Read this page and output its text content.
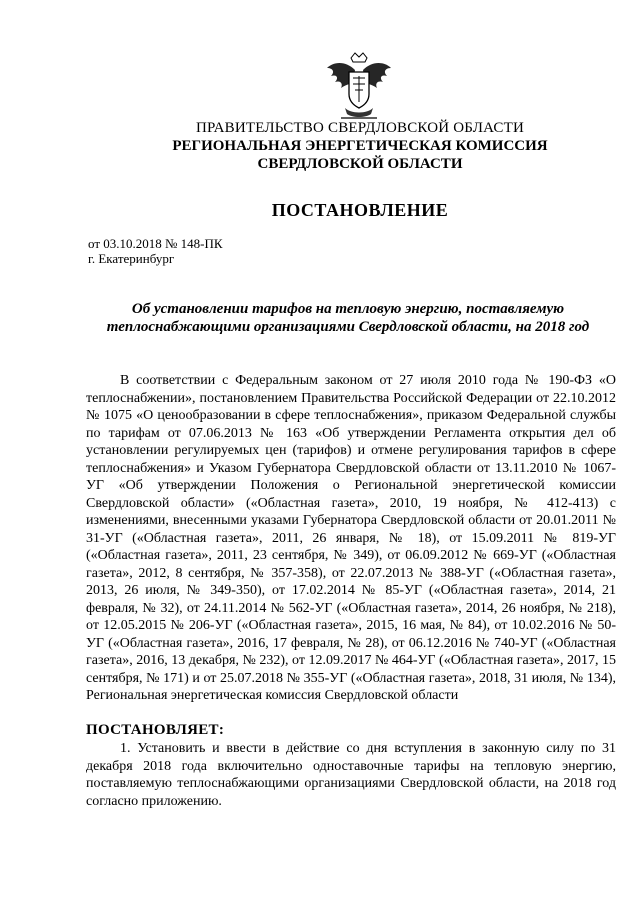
ПРАВИТЕЛЬСТВО СВЕРДЛОВСКОЙ ОБЛАСТИ
РЕГИОНАЛЬНАЯ ЭНЕРГЕТИЧЕСКАЯ КОМИССИЯ
СВЕРДЛОВСКОЙ ОБЛАСТИ
ПОСТАНОВЛЕНИЕ
от 03.10.2018 № 148-ПК
г. Екатеринбург
Об установлении тарифов на тепловую энергию, поставляемую
теплоснабжающими организациями Свердловской области, на 2018 год
В соответствии с Федеральным законом от 27 июля 2010 года № 190-ФЗ «О теплоснабжении», постановлением Правительства Российской Федерации от 22.10.2012 № 1075 «О ценообразовании в сфере теплоснабжения», приказом Федеральной службы по тарифам от 07.06.2013 № 163 «Об утверждении Регламента открытия дел об установлении регулируемых цен (тарифов) и отмене регулирования тарифов в сфере теплоснабжения» и Указом Губернатора Свердловской области от 13.11.2010 № 1067-УГ «Об утверждении Положения о Региональной энергетической комиссии Свердловской области» («Областная газета», 2010, 19 ноября, № 412-413) с изменениями, внесенными указами Губернатора Свердловской области от 20.01.2011 № 31-УГ («Областная газета», 2011, 26 января, № 18), от 15.09.2011 № 819-УГ («Областная газета», 2011, 23 сентября, № 349), от 06.09.2012 № 669-УГ («Областная газета», 2012, 8 сентября, № 357-358), от 22.07.2013 № 388-УГ («Областная газета», 2013, 26 июля, № 349-350), от 17.02.2014 № 85-УГ («Областная газета», 2014, 21 февраля, № 32), от 24.11.2014 № 562-УГ («Областная газета», 2014, 26 ноября, № 218), от 12.05.2015 № 206-УГ («Областная газета», 2015, 16 мая, № 84), от 10.02.2016 № 50-УГ («Областная газета», 2016, 17 февраля, № 28), от 06.12.2016 № 740-УГ («Областная газета», 2016, 13 декабря, № 232), от 12.09.2017 № 464-УГ («Областная газета», 2017, 15 сентября, № 171) и от 25.07.2018 № 355-УГ («Областная газета», 2018, 31 июля, № 134), Региональная энергетическая комиссия Свердловской области
ПОСТАНОВЛЯЕТ:
1. Установить и ввести в действие со дня вступления в законную силу по 31 декабря 2018 года включительно одноставочные тарифы на тепловую энергию, поставляемую теплоснабжающими организациями Свердловской области, на 2018 год согласно приложению.
